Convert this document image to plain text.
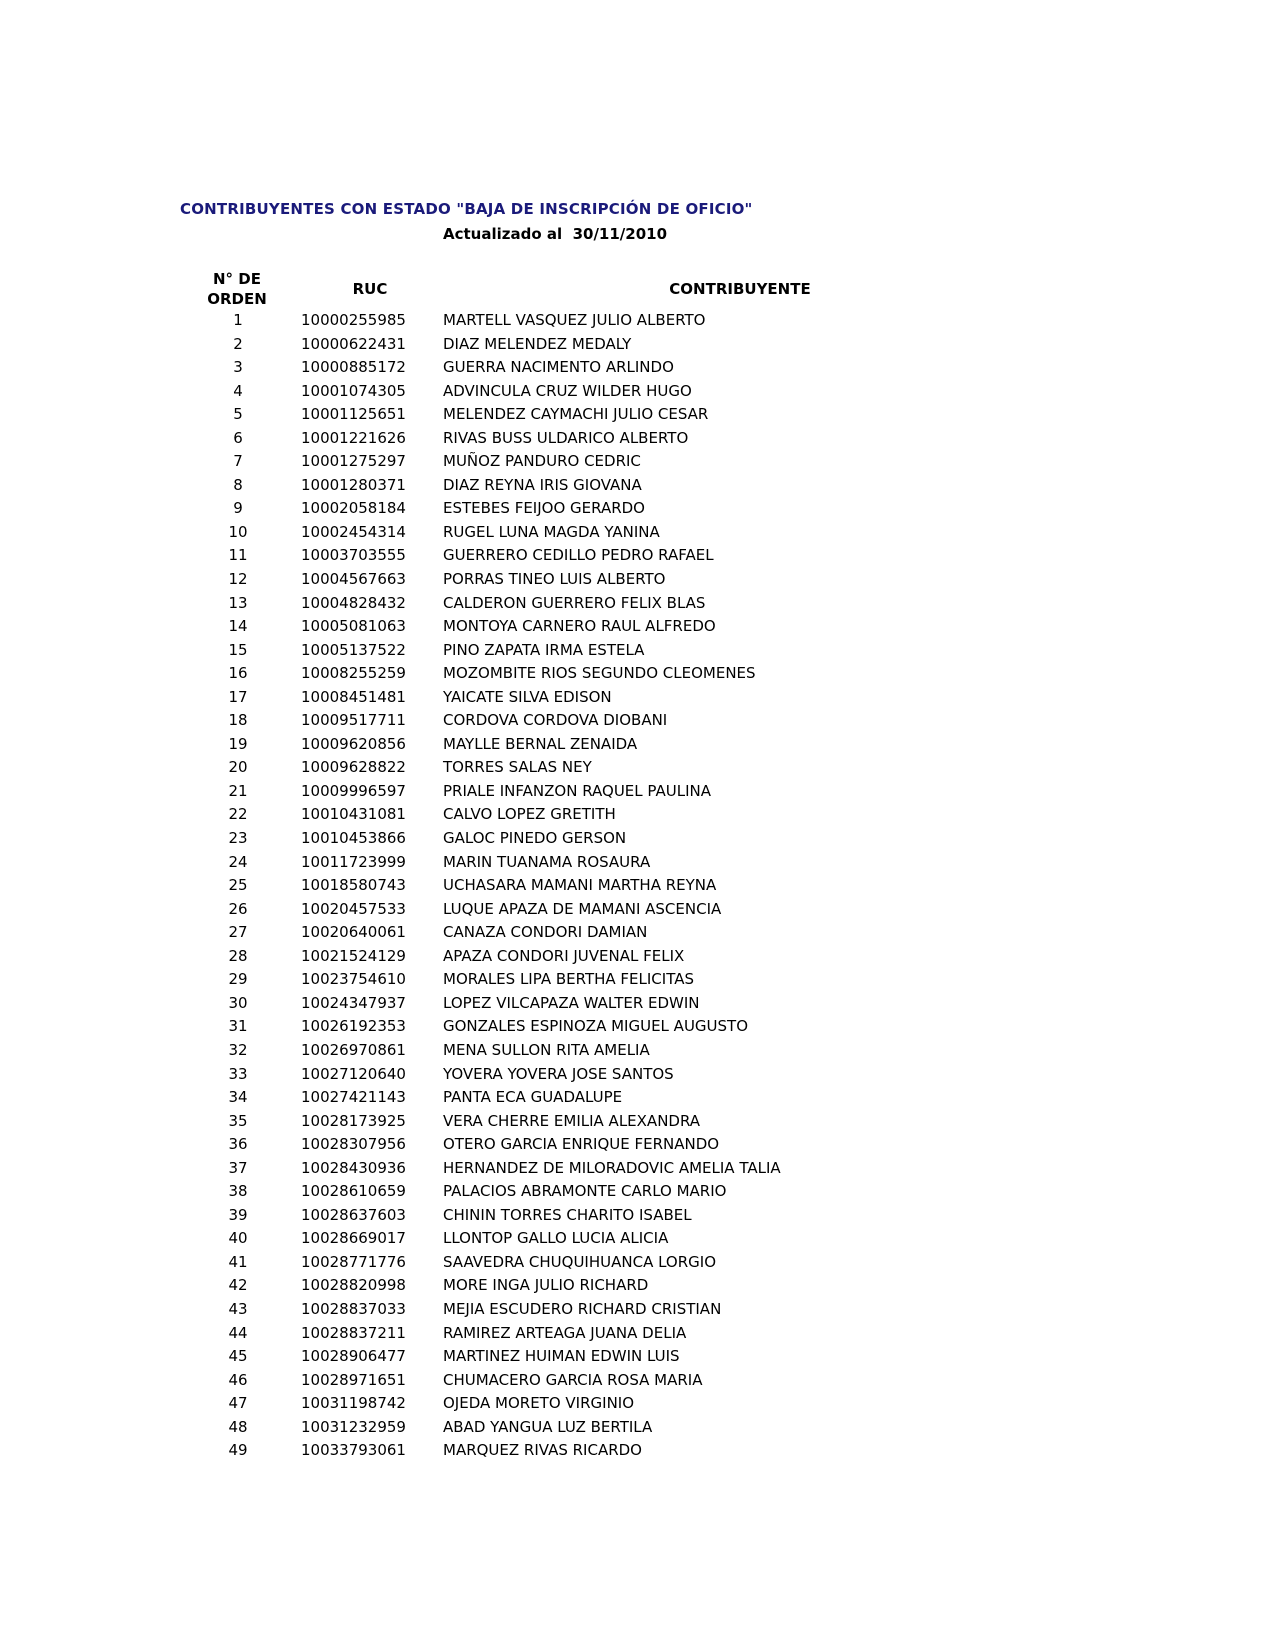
CONTRIBUYENTES CON ESTADO "BAJA DE INSCRIPCIÓN DE OFICIO"
Actualizado al  30/11/2010
N° DE
ORDEN
RUC	CONTRIBUYENTE
1	10000255985 MARTELL VASQUEZ JULIO ALBERTO
2	10000622431 DIAZ MELENDEZ MEDALY
3	10000885172 GUERRA NACIMENTO ARLINDO
4	10001074305 ADVINCULA CRUZ WILDER HUGO
5	10001125651 MELENDEZ CAYMACHI JULIO CESAR
6	10001221626 RIVAS BUSS ULDARICO ALBERTO
7	10001275297 MUÑOZ PANDURO CEDRIC
8	10001280371 DIAZ REYNA IRIS GIOVANA
9	10002058184 ESTEBES FEIJOO GERARDO
10	10002454314 RUGEL LUNA MAGDA YANINA
11	10003703555 GUERRERO CEDILLO PEDRO RAFAEL
12	10004567663 PORRAS TINEO LUIS ALBERTO
13	10004828432 CALDERON GUERRERO FELIX BLAS
14	10005081063 MONTOYA CARNERO RAUL ALFREDO
15	10005137522 PINO ZAPATA IRMA ESTELA
16	10008255259 MOZOMBITE RIOS SEGUNDO CLEOMENES
17	10008451481 YAICATE SILVA EDISON
18	10009517711 CORDOVA CORDOVA DIOBANI
19	10009620856 MAYLLE BERNAL ZENAIDA
20	10009628822 TORRES SALAS NEY
21	10009996597 PRIALE INFANZON RAQUEL PAULINA
22	10010431081 CALVO LOPEZ GRETITH
23	10010453866 GALOC PINEDO GERSON
24	10011723999 MARIN TUANAMA ROSAURA
25	10018580743 UCHASARA MAMANI MARTHA REYNA
26	10020457533 LUQUE APAZA DE MAMANI ASCENCIA
27	10020640061 CANAZA CONDORI DAMIAN
28	10021524129 APAZA CONDORI JUVENAL FELIX
29	10023754610 MORALES LIPA BERTHA FELICITAS
30	10024347937 LOPEZ VILCAPAZA WALTER EDWIN
31	10026192353 GONZALES ESPINOZA MIGUEL AUGUSTO
32	10026970861 MENA SULLON RITA AMELIA
33	10027120640 YOVERA YOVERA JOSE SANTOS
34	10027421143 PANTA ECA GUADALUPE
35	10028173925 VERA CHERRE EMILIA ALEXANDRA
36	10028307956 OTERO GARCIA ENRIQUE FERNANDO
37	10028430936 HERNANDEZ DE MILORADOVIC AMELIA TALIA
38	10028610659 PALACIOS ABRAMONTE CARLO MARIO
39	10028637603 CHININ TORRES CHARITO ISABEL
40	10028669017 LLONTOP GALLO LUCIA ALICIA
41	10028771776 SAAVEDRA CHUQUIHUANCA LORGIO
42	10028820998 MORE INGA JULIO RICHARD
43	10028837033 MEJIA ESCUDERO RICHARD CRISTIAN
44	10028837211 RAMIREZ ARTEAGA JUANA DELIA
45	10028906477 MARTINEZ HUIMAN EDWIN LUIS
46	10028971651 CHUMACERO GARCIA ROSA MARIA
47	10031198742 OJEDA MORETO VIRGINIO
48	10031232959 ABAD YANGUA LUZ BERTILA
49	10033793061 MARQUEZ RIVAS RICARDO
